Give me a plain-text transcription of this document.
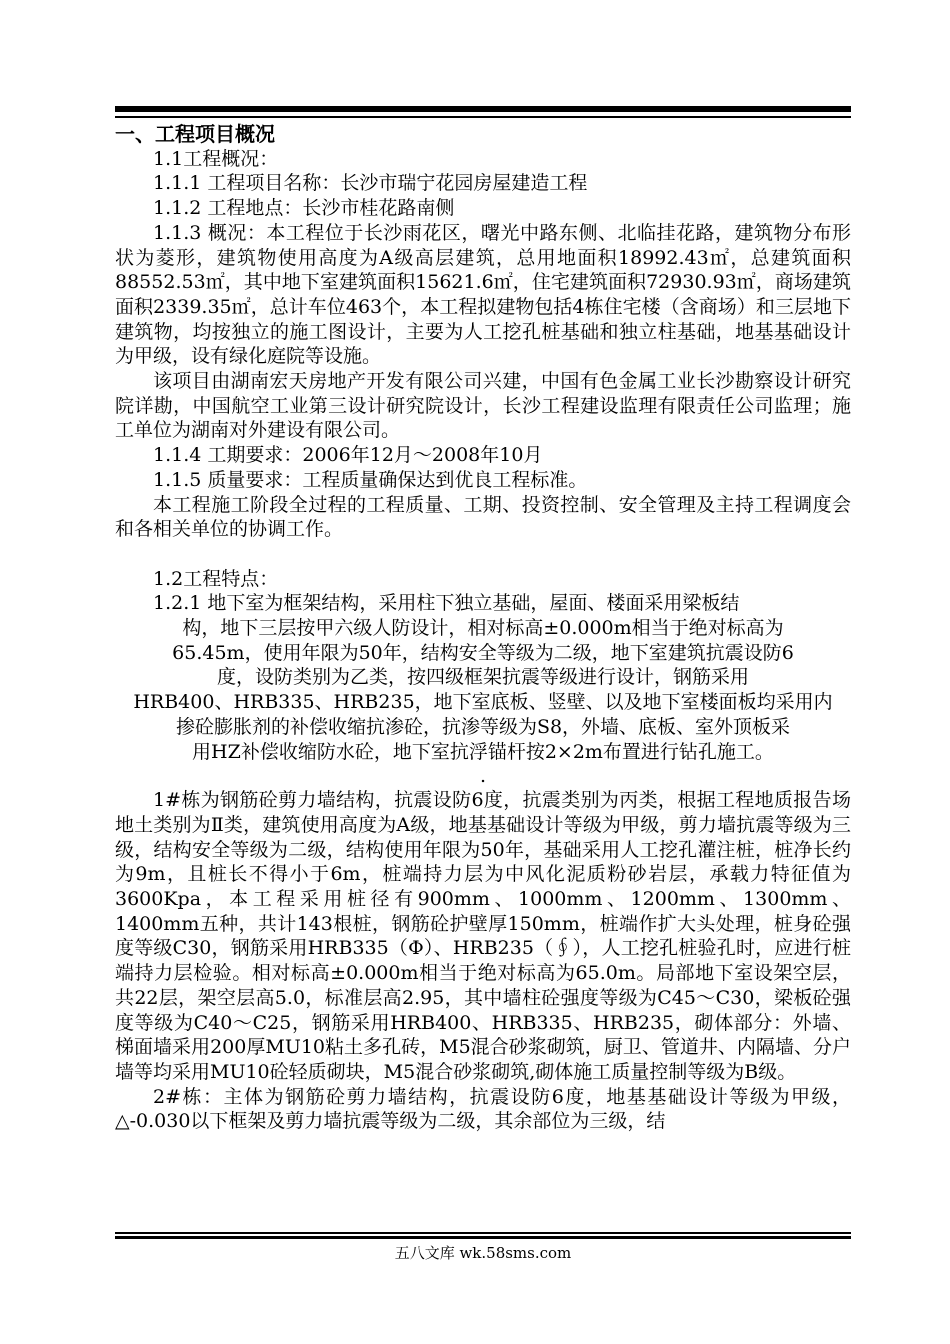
一、工程项目概况

1.1工程概况：

1.1.1 工程项目名称：长沙市瑞宁花园房屋建造工程

1.1.2 工程地点：长沙市桂花路南侧

1.1.3 概况：本工程位于长沙雨花区，曙光中路东侧、北临挂花路，建筑物分布形状为菱形，建筑物使用高度为A级高层建筑，总用地面积18992.43㎡，总建筑面积88552.53㎡，其中地下室建筑面积15621.6㎡，住宅建筑面积72930.93㎡，商场建筑面积2339.35㎡，总计车位463个，本工程拟建物包括4栋住宅楼（含商场）和三层地下建筑物，均按独立的施工图设计，主要为人工挖孔桩基础和独立柱基础，地基基础设计为甲级，设有绿化庭院等设施。

该项目由湖南宏天房地产开发有限公司兴建，中国有色金属工业长沙勘察设计研究院详勘，中国航空工业第三设计研究院设计，长沙工程建设监理有限责任公司监理；施工单位为湖南对外建设有限公司。

1.1.4 工期要求：2006年12月～2008年10月

1.1.5 质量要求：工程质量确保达到优良工程标准。

本工程施工阶段全过程的工程质量、工期、投资控制、安全管理及主持工程调度会和各相关单位的协调工作。

1.2工程特点：

1.2.1 地下室为框架结构，采用柱下独立基础，屋面、楼面采用梁板结

构，地下三层按甲六级人防设计，相对标高±0.000m相当于绝对标高为

65.45m，使用年限为50年，结构安全等级为二级，地下室建筑抗震设防6

度，设防类别为乙类，按四级框架抗震等级进行设计，钢筋采用

HRB400、HRB335、HRB235，地下室底板、竖壁、以及地下室楼面板均采用内

掺砼膨胀剂的补偿收缩抗渗砼，抗渗等级为S8，外墙、底板、室外顶板采

用HZ补偿收缩防水砼，地下室抗浮锚杆按2×2m布置进行钻孔施工。

.

1#栋为钢筋砼剪力墙结构，抗震设防6度，抗震类别为丙类，根据工程地质报告场地土类别为Ⅱ类，建筑使用高度为A级，地基基础设计等级为甲级，剪力墙抗震等级为三级，结构安全等级为二级，结构使用年限为50年，基础采用人工挖孔灌注桩，桩净长约为9m，且桩长不得小于6m，桩端持力层为中风化泥质粉砂岩层，承载力特征值为3600Kpa，本工程采用桩径有900mm、1000mm、1200mm、1300mm、1400mm五种，共计143根桩，钢筋砼护壁厚150mm，桩端作扩大头处理，桩身砼强度等级C30，钢筋采用HRB335（Φ）、HRB235（∮），人工挖孔桩验孔时，应进行桩端持力层检验。相对标高±0.000m相当于绝对标高为65.0m。局部地下室设架空层，共22层，架空层高5.0，标准层高2.95，其中墙柱砼强度等级为C45～C30，梁板砼强度等级为C40～C25，钢筋采用HRB400、HRB335、HRB235，砌体部分：外墙、梯面墙采用200厚MU10粘土多孔砖，M5混合砂浆砌筑，厨卫、管道井、内隔墙、分户墙等均采用MU10砼轻质砌块，M5混合砂浆砌筑,砌体施工质量控制等级为B级。

2#栋：主体为钢筋砼剪力墙结构，抗震设防6度，地基基础设计等级为甲级，△-0.030以下框架及剪力墙抗震等级为二级，其余部位为三级，结

五八文库 wk.58sms.com
